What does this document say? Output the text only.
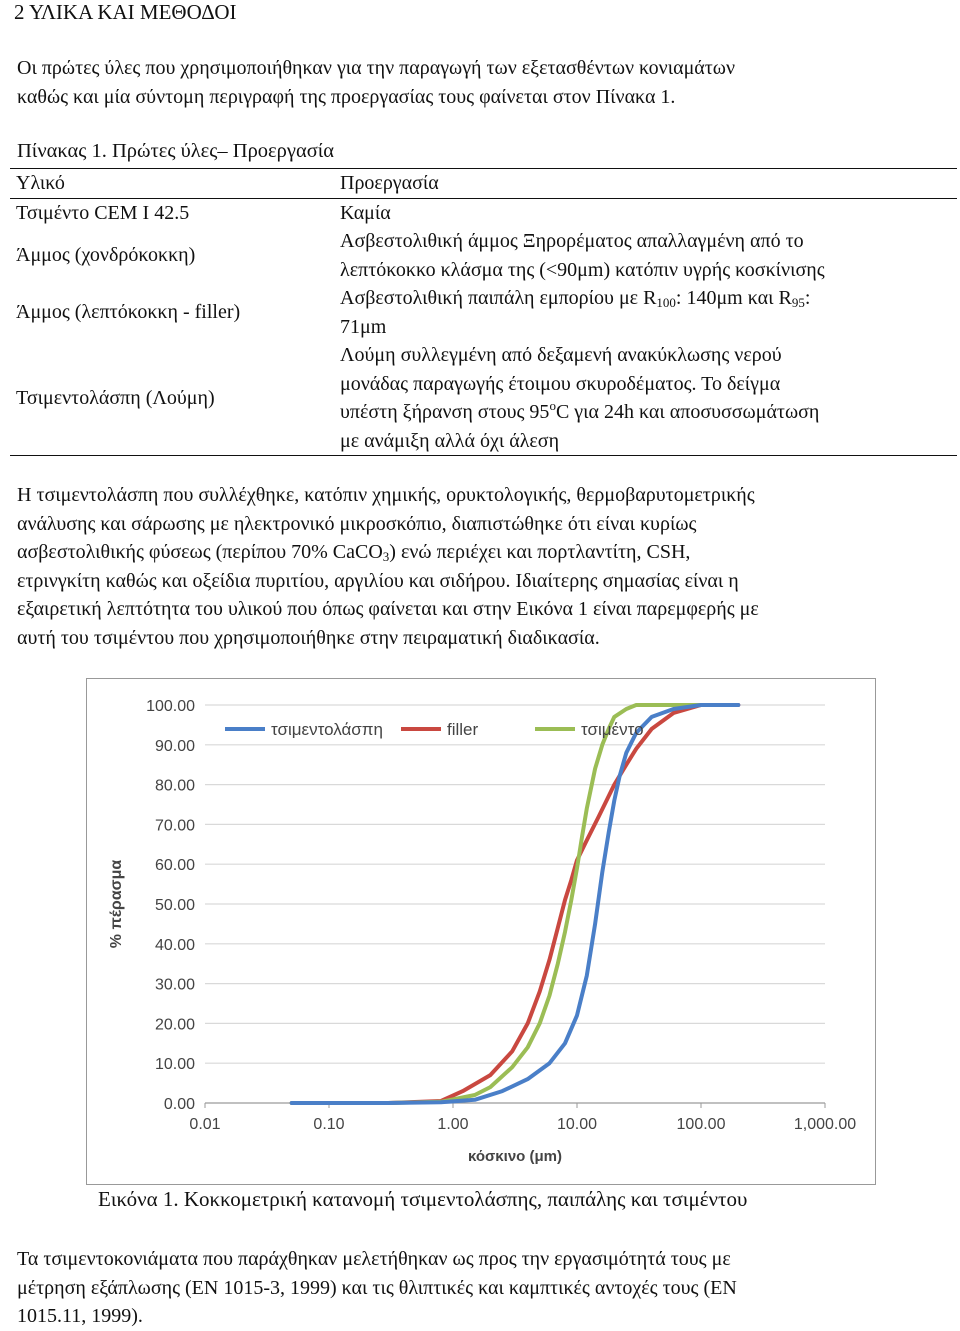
2 ΥΛΙΚΑ ΚΑΙ ΜΕΘΟΔΟΙ
Οι πρώτες ύλες που χρησιμοποιήθηκαν για την παραγωγή των εξετασθέντων κονιαμάτων
καθώς και μία σύντομη περιγραφή της προεργασίας τους φαίνεται στον Πίνακα 1.
Πίνακας 1. Πρώτες ύλες– Προεργασία
Υλικό	Προεργασία
Τσιμέντο CEM I 42.5	Καμία
Άμμος (χονδρόκοκκη)	Ασβεστολιθική άμμος Ξηρορέματος απαλλαγμένη από το
λεπτόκοκκο κλάσμα της (<90μm) κατόπιν υγρής κοσκίνισης

Άμμος (λεπτόκοκκη - filler)	Ασβεστολιθική παιπάλη εμπορίου με $R_{100}$: 140μm και $R_{95}$:
71μm

Τσιμεντολάσπη (Λούμη)	Λούμη συλλεγμένη από δεξαμενή ανακύκλωσης νερού
μονάδας παραγωγής έτοιμου σκυροδέματος. Το δείγμα
υπέστη ξήρανση στους 95$^o$C για 24h και αποσυσσωμάτωση
με ανάμιξη αλλά όχι άλεση
Η τσιμεντολάσπη που συλλέχθηκε, κατόπιν χημικής, ορυκτολογικής, θερμοβαρυτομετρικής
ανάλυσης και σάρωσης με ηλεκτρονικό μικροσκόπιο, διαπιστώθηκε ότι είναι κυρίως
ασβεστολιθικής φύσεως (περίπου 70% CaCO$_3$) ενώ περιέχει και πορτλαντίτη, CSH,
ετρινγκίτη καθώς και οξείδια πυριτίου, αργιλίου και σιδήρου. Ιδιαίτερης σημασίας είναι η
εξαιρετική λεπτότητα του υλικού που όπως φαίνεται και στην Εικόνα 1 είναι παρεμφερής με
αυτή του τσιμέντου που χρησιμοποιήθηκε στην πειραματική διαδικασία.
0.00
10.00
20.00
30.00
40.00
50.00
60.00
70.00
80.00
90.00
100.00
0.01	0.10	1.00	10.00	100.00	1,000.00
κόσκινο (μm)
% πέρασμα
τσιμεντολάσπη	filler	τσιμέντο
Εικόνα 1. Κοκκομετρική κατανομή τσιμεντολάσπης, παιπάλης και τσιμέντου
Τα τσιμεντοκονιάματα που παράχθηκαν μελετήθηκαν ως προς την εργασιμότητά τους με
μέτρηση εξάπλωσης (EN 1015-3, 1999) και τις θλιπτικές και καμπτικές αντοχές τους (EN
1015.11, 1999).
